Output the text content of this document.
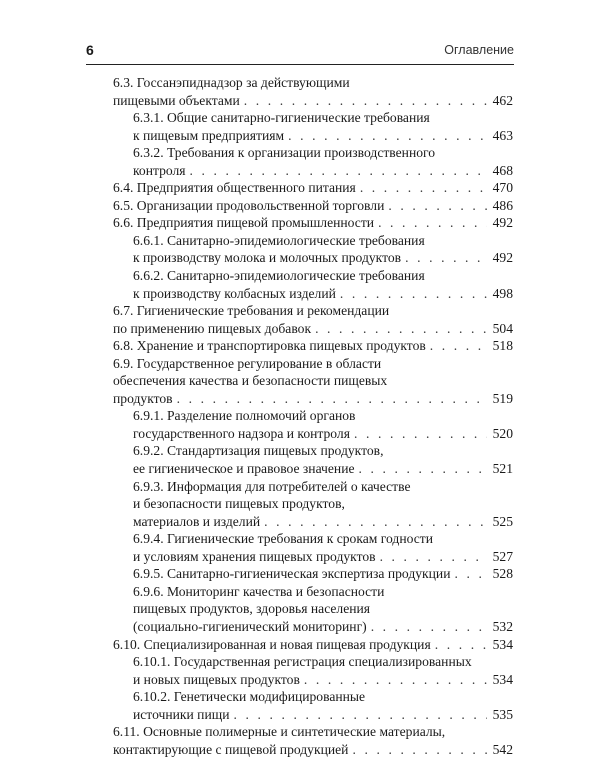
6	Оглавление
6.3. Госсанэпиднадзор за действующими
пищевыми объектами . . .	462
6.3.1. Общие санитарно-гигиенические требования
к пищевым предприятиям . . .	463
6.3.2. Требования к организации производственного
контроля . . .	468
6.4. Предприятия общественного питания . . .	470
6.5. Организации продовольственной торговли . . .	486
6.6. Предприятия пищевой промышленности . . .	492
6.6.1. Санитарно-эпидемиологические требования
к производству молока и молочных продуктов . . .	492
6.6.2. Санитарно-эпидемиологические требования
к производству колбасных изделий . . .	498
6.7. Гигиенические требования и рекомендации
по применению пищевых добавок . . .	504
6.8. Хранение и транспортировка пищевых продуктов . . .	518
6.9. Государственное регулирование в области
обеспечения качества и безопасности пищевых
продуктов . . .	519
6.9.1. Разделение полномочий органов
государственного надзора и контроля . . .	520
6.9.2. Стандартизация пищевых продуктов,
ее гигиеническое и правовое значение . . .	521
6.9.3. Информация для потребителей о качестве
и безопасности пищевых продуктов,
материалов и изделий . . .	525
6.9.4. Гигиенические требования к срокам годности
и условиям хранения пищевых продуктов . . .	527
6.9.5. Санитарно-гигиеническая экспертиза продукции . . .	528
6.9.6. Мониторинг качества и безопасности
пищевых продуктов, здоровья населения
(социально-гигиенический мониторинг) . . .	532
6.10. Специализированная и новая пищевая продукция . . .	534
6.10.1. Государственная регистрация специализированных
и новых пищевых продуктов . . .	534
6.10.2. Генетически модифицированные
источники пищи . . .	535
6.11. Основные полимерные и синтетические материалы,
контактирующие с пищевой продукцией . . .	542
